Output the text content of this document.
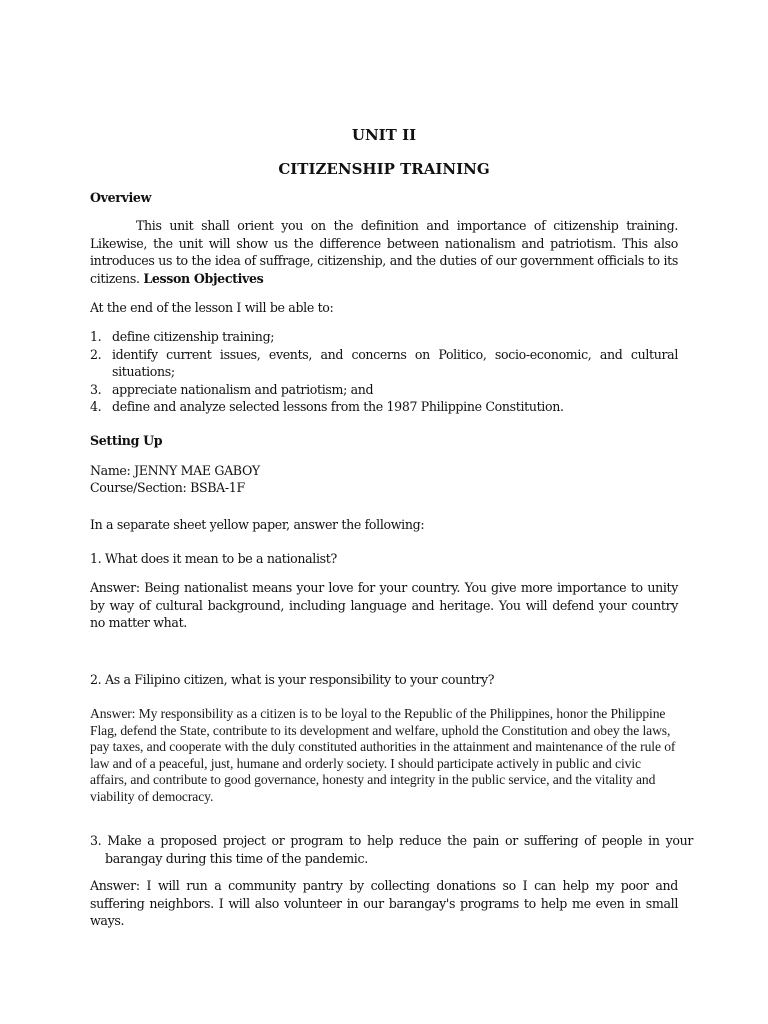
UNIT II
CITIZENSHIP TRAINING
Overview

This unit shall orient you on the definition and importance of citizenship training. Likewise, the unit will show us the difference between nationalism and patriotism. This also introduces us to the idea of suffrage, citizenship, and the duties of our government officials to its citizens. Lesson Objectives

At the end of the lesson I will be able to:
1. define citizenship training;
2. identify current issues, events, and concerns on Politico, socio-economic, and cultural situations;
3. appreciate nationalism and patriotism; and
4. define and analyze selected lessons from the 1987 Philippine Constitution.
Setting Up
Name: JENNY MAE GABOY
Course/Section: BSBA-1F
In a separate sheet yellow paper, answer the following:
1. What does it mean to be a nationalist?

Answer: Being nationalist means your love for your country. You give more importance to unity by way of cultural background, including language and heritage. You will defend your country no matter what.

2. As a Filipino citizen, what is your responsibility to your country?

Answer: My responsibility as a citizen is to be loyal to the Republic of the Philippines, honor the Philippine Flag, defend the State, contribute to its development and welfare, uphold the Constitution and obey the laws, pay taxes, and cooperate with the duly constituted authorities in the attainment and maintenance of the rule of law and of a peaceful, just, humane and orderly society. I should participate actively in public and civic affairs, and contribute to good governance, honesty and integrity in the public service, and the vitality and viability of democracy.

3. Make a proposed project or program to help reduce the pain or suffering of people in your barangay during this time of the pandemic.

Answer: I will run a community pantry by collecting donations so I can help my poor and suffering neighbors. I will also volunteer in our barangay's programs to help me even in small ways.
